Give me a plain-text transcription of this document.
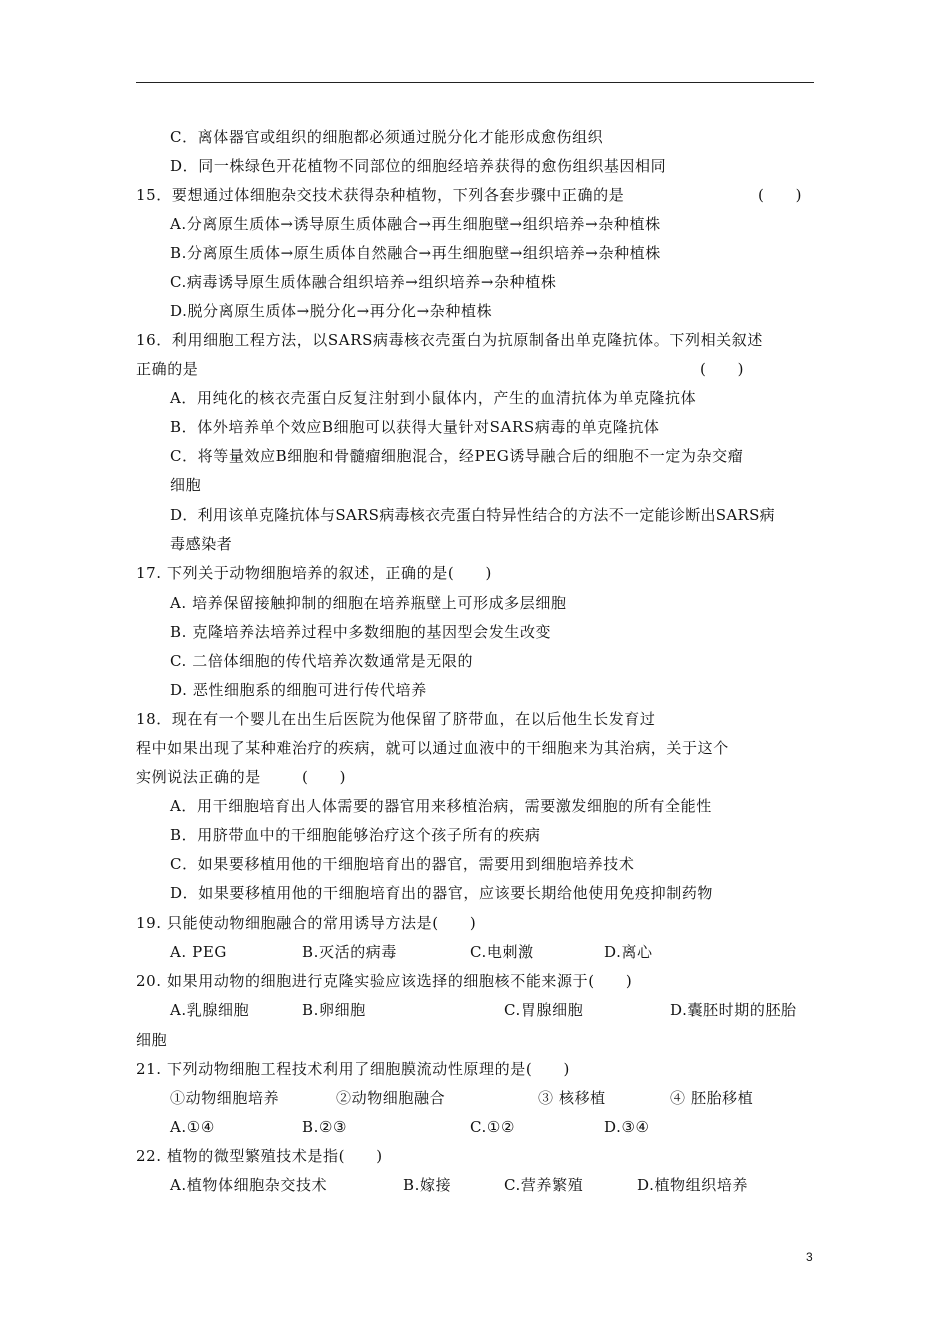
C．离体器官或组织的细胞都必须通过脱分化才能形成愈伤组织
D．同一株绿色开花植物不同部位的细胞经培养获得的愈伤组织基因相同
15．要想通过体细胞杂交技术获得杂种植物，下列各套步骤中正确的是	(　　)
A.分离原生质体→诱导原生质体融合→再生细胞壁→组织培养→杂种植株
B.分离原生质体→原生质体自然融合→再生细胞壁→组织培养→杂种植株
C.病毒诱导原生质体融合组织培养→组织培养→杂种植株
D.脱分离原生质体→脱分化→再分化→杂种植株
16．利用细胞工程方法，以SARS病毒核衣壳蛋白为抗原制备出单克隆抗体。下列相关叙述
正确的是	(　　)
A．用纯化的核衣壳蛋白反复注射到小鼠体内，产生的血清抗体为单克隆抗体
B．体外培养单个效应B细胞可以获得大量针对SARS病毒的单克隆抗体
C．将等量效应B细胞和骨髓瘤细胞混合，经PEG诱导融合后的细胞不一定为杂交瘤
细胞
D．利用该单克隆抗体与SARS病毒核衣壳蛋白特异性结合的方法不一定能诊断出SARS病
毒感染者
17. 下列关于动物细胞培养的叙述，正确的是(　　)
A. 培养保留接触抑制的细胞在培养瓶壁上可形成多层细胞
B. 克隆培养法培养过程中多数细胞的基因型会发生改变
C. 二倍体细胞的传代培养次数通常是无限的
D. 恶性细胞系的细胞可进行传代培养
18．现在有一个婴儿在出生后医院为他保留了脐带血，在以后他生长发育过
程中如果出现了某种难治疗的疾病，就可以通过血液中的干细胞来为其治病，关于这个
实例说法正确的是	(　　)
A．用干细胞培育出人体需要的器官用来移植治病，需要激发细胞的所有全能性
B．用脐带血中的干细胞能够治疗这个孩子所有的疾病
C．如果要移植用他的干细胞培育出的器官，需要用到细胞培养技术
D．如果要移植用他的干细胞培育出的器官，应该要长期给他使用免疫抑制药物
19. 只能使动物细胞融合的常用诱导方法是(　　)
A. PEG	B.灭活的病毒	C.电刺激	D.离心
20. 如果用动物的细胞进行克隆实验应该选择的细胞核不能来源于(　　)
A.乳腺细胞	B.卵细胞	C.胃腺细胞	D.囊胚时期的胚胎
细胞
21. 下列动物细胞工程技术利用了细胞膜流动性原理的是(　　)
①动物细胞培养	②动物细胞融合	③ 核移植	④ 胚胎移植
A.①④	B.②③	C.①②	D.③④
22. 植物的微型繁殖技术是指(　　)
A.植物体细胞杂交技术	B.嫁接	C.营养繁殖	D.植物组织培养
3
